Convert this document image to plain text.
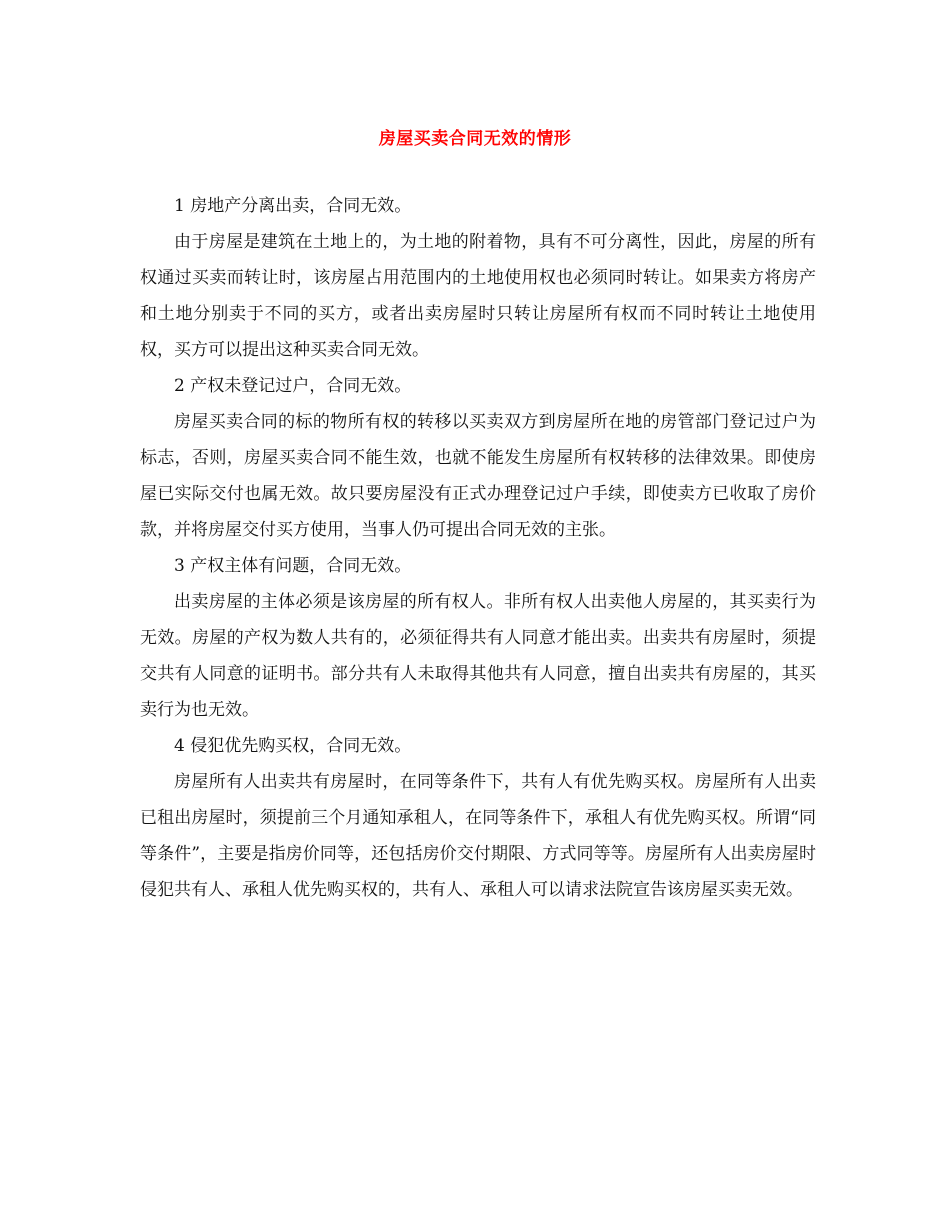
房屋买卖合同无效的情形

1 房地产分离出卖，合同无效。

由于房屋是建筑在土地上的，为土地的附着物，具有不可分离性，因此，房屋的所有权通过买卖而转让时，该房屋占用范围内的土地使用权也必须同时转让。如果卖方将房产和土地分别卖于不同的买方，或者出卖房屋时只转让房屋所有权而不同时转让土地使用权，买方可以提出这种买卖合同无效。

2 产权未登记过户，合同无效。

房屋买卖合同的标的物所有权的转移以买卖双方到房屋所在地的房管部门登记过户为标志，否则，房屋买卖合同不能生效，也就不能发生房屋所有权转移的法律效果。即使房屋已实际交付也属无效。故只要房屋没有正式办理登记过户手续，即使卖方已收取了房价款，并将房屋交付买方使用，当事人仍可提出合同无效的主张。

3 产权主体有问题，合同无效。

出卖房屋的主体必须是该房屋的所有权人。非所有权人出卖他人房屋的，其买卖行为无效。房屋的产权为数人共有的，必须征得共有人同意才能出卖。出卖共有房屋时，须提交共有人同意的证明书。部分共有人未取得其他共有人同意，擅自出卖共有房屋的，其买卖行为也无效。

4 侵犯优先购买权，合同无效。

房屋所有人出卖共有房屋时，在同等条件下，共有人有优先购买权。房屋所有人出卖已租出房屋时，须提前三个月通知承租人，在同等条件下，承租人有优先购买权。所谓“同等条件”，主要是指房价同等，还包括房价交付期限、方式同等等。房屋所有人出卖房屋时侵犯共有人、承租人优先购买权的，共有人、承租人可以请求法院宣告该房屋买卖无效。
